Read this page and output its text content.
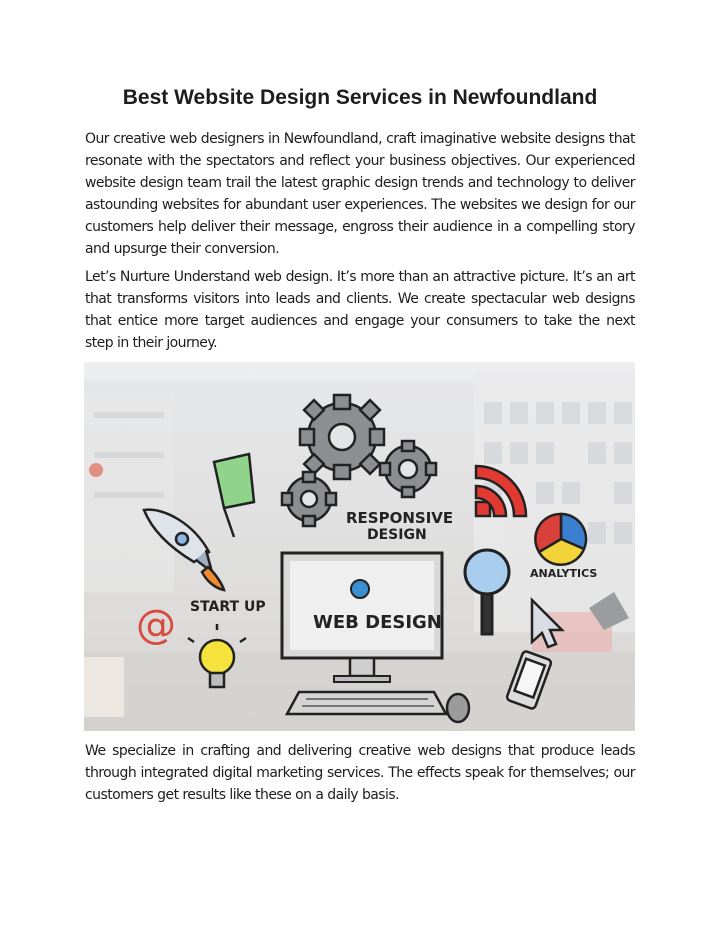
Best Website Design Services in Newfoundland

Our creative web designers in Newfoundland, craft imaginative website designs that resonate with the spectators and reflect your business objectives. Our experienced website design team trail the latest graphic design trends and technology to deliver astounding websites for abundant user experiences. The websites we design for our customers help deliver their message, engross their audience in a compelling story and upsurge their conversion.

Let’s Nurture Understand web design. It’s more than an attractive picture. It’s an art that transforms visitors into leads and clients. We create spectacular web designs that entice more target audiences and engage your consumers to take the next step in their journey.

RESPONSIVE
DESIGN
START UP
@
ANALYTICS
WEB DESIGN

We specialize in crafting and delivering creative web designs that produce leads through integrated digital marketing services. The effects speak for themselves; our customers get results like these on a daily basis.
